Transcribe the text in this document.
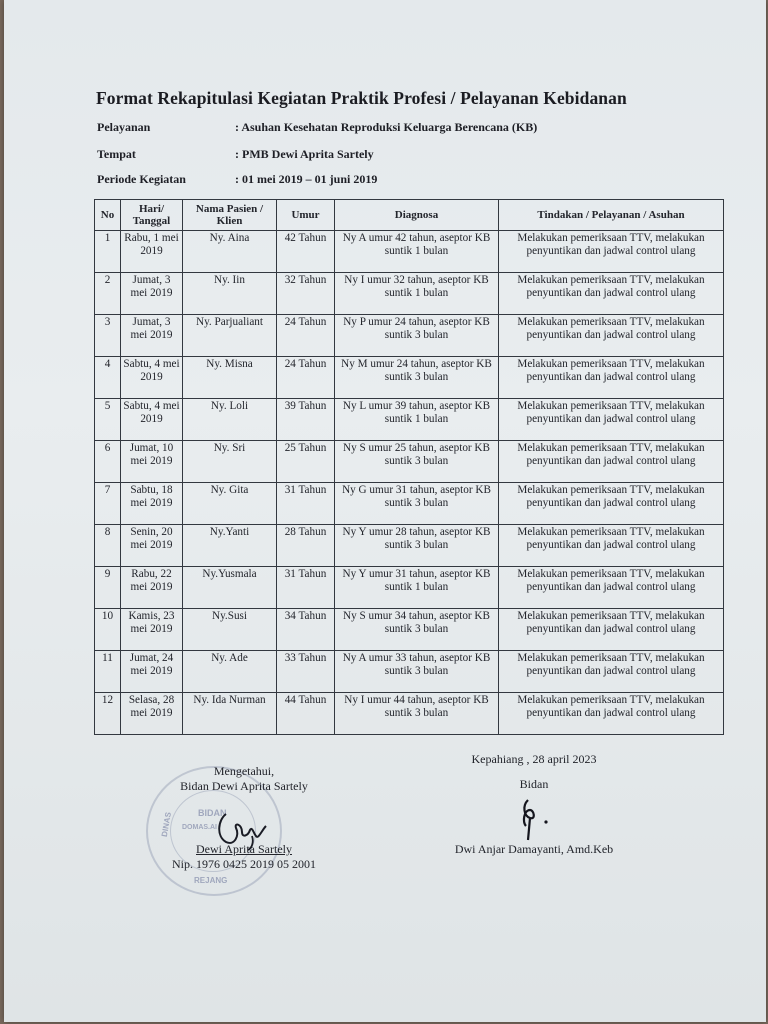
Format Rekapitulasi Kegiatan Praktik Profesi / Pelayanan Kebidanan
Pelayanan	: Asuhan Kesehatan Reproduksi Keluarga Berencana (KB)
Tempat	: PMB Dewi Aprita Sartely
Periode Kegiatan	: 01 mei 2019 – 01 juni 2019
No	Hari/ Tanggal	Nama Pasien / Klien	Umur	Diagnosa	Tindakan / Pelayanan / Asuhan
1	Rabu, 1 mei 2019	Ny. Aina	42 Tahun	Ny A umur 42 tahun, aseptor KB suntik 1 bulan	Melakukan pemeriksaan TTV, melakukan penyuntikan dan jadwal control ulang
2	Jumat, 3 mei 2019	Ny. Iin	32 Tahun	Ny I umur 32 tahun, aseptor KB suntik 1 bulan	Melakukan pemeriksaan TTV, melakukan penyuntikan dan jadwal control ulang
3	Jumat, 3 mei 2019	Ny. Parjualiant	24 Tahun	Ny P umur 24 tahun, aseptor KB suntik 3 bulan	Melakukan pemeriksaan TTV, melakukan penyuntikan dan jadwal control ulang
4	Sabtu, 4 mei 2019	Ny. Misna	24 Tahun	Ny M umur 24 tahun, aseptor KB suntik 3 bulan	Melakukan pemeriksaan TTV, melakukan penyuntikan dan jadwal control ulang
5	Sabtu, 4 mei 2019	Ny. Loli	39 Tahun	Ny L umur 39 tahun, aseptor KB suntik 1 bulan	Melakukan pemeriksaan TTV, melakukan penyuntikan dan jadwal control ulang
6	Jumat, 10 mei 2019	Ny. Sri	25 Tahun	Ny S umur 25 tahun, aseptor KB suntik 3 bulan	Melakukan pemeriksaan TTV, melakukan penyuntikan dan jadwal control ulang
7	Sabtu, 18 mei 2019	Ny. Gita	31 Tahun	Ny G umur 31 tahun, aseptor KB suntik 3 bulan	Melakukan pemeriksaan TTV, melakukan penyuntikan dan jadwal control ulang
8	Senin, 20 mei 2019	Ny.Yanti	28 Tahun	Ny Y umur 28 tahun, aseptor KB suntik 3 bulan	Melakukan pemeriksaan TTV, melakukan penyuntikan dan jadwal control ulang
9	Rabu, 22 mei 2019	Ny.Yusmala	31 Tahun	Ny Y umur 31 tahun, aseptor KB suntik 1 bulan	Melakukan pemeriksaan TTV, melakukan penyuntikan dan jadwal control ulang
10	Kamis, 23 mei 2019	Ny.Susi	34 Tahun	Ny S umur 34 tahun, aseptor KB suntik 3 bulan	Melakukan pemeriksaan TTV, melakukan penyuntikan dan jadwal control ulang
11	Jumat, 24 mei 2019	Ny. Ade	33 Tahun	Ny A umur 33 tahun, aseptor KB suntik 3 bulan	Melakukan pemeriksaan TTV, melakukan penyuntikan dan jadwal control ulang
12	Selasa, 28 mei 2019	Ny. Ida Nurman	44 Tahun	Ny I umur 44 tahun, aseptor KB suntik 3 bulan	Melakukan pemeriksaan TTV, melakukan penyuntikan dan jadwal control ulang
DINAS
REJANG
BIDAN
DOMAS.AI
Mengetahui,
Bidan Dewi Aprita Sartely
Dewi Aprita Sartely
Nip. 1976 0425 2019 05 2001
Kepahiang , 28 april 2023
Bidan
Dwi Anjar Damayanti, Amd.Keb
